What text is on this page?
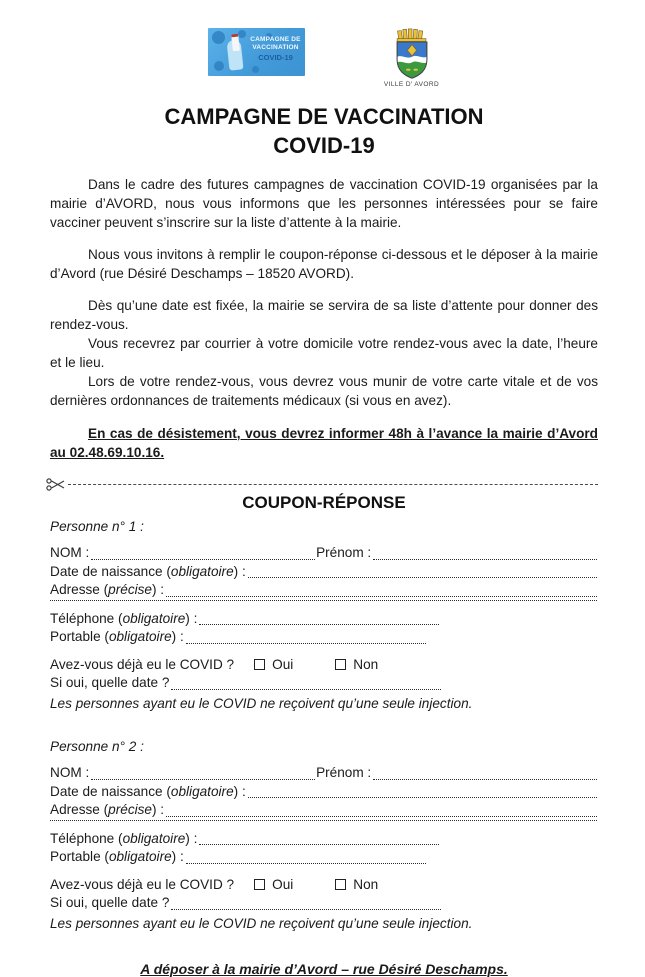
CAMPAGNE DE
VACCINATION
COVID-19
VILLE D' AVORD
CAMPAGNE DE VACCINATION
COVID-19

Dans le cadre des futures campagnes de vaccination COVID-19 organisées par la mairie d’AVORD, nous vous informons que les personnes intéressées pour se faire vacciner peuvent s’inscrire sur la liste d’attente à la mairie.

Nous vous invitons à remplir le coupon-réponse ci-dessous et le déposer à la mairie d’Avord (rue Désiré Deschamps – 18520 AVORD).

Dès qu’une date est fixée, la mairie se servira de sa liste d’attente pour donner des rendez-vous.

Vous recevrez par courrier à votre domicile votre rendez-vous avec la date, l’heure et le lieu.

Lors de votre rendez-vous, vous devrez vous munir de votre carte vitale et de vos dernières ordonnances de traitements médicaux (si vous en avez).

En cas de désistement, vous devrez informer 48h à l’avance la mairie d’Avord au 02.48.69.10.16.

COUPON-RÉPONSE
Personne n° 1 :
NOM :	Prénom :
Date de naissance ( obligatoire ) :
Adresse ( précise ) :
Téléphone ( obligatoire ) :
Portable ( obligatoire ) :
Avez-vous déjà eu le COVID ?	Oui	Non
Si oui, quelle date ?
Les personnes ayant eu le COVID ne reçoivent qu’une seule injection.
Personne n° 2 :
NOM :	Prénom :
Date de naissance ( obligatoire ) :
Adresse ( précise ) :
Téléphone ( obligatoire ) :
Portable ( obligatoire ) :
Avez-vous déjà eu le COVID ?	Oui	Non
Si oui, quelle date ?
Les personnes ayant eu le COVID ne reçoivent qu’une seule injection.
A déposer à la mairie d’Avord – rue Désiré Deschamps.
